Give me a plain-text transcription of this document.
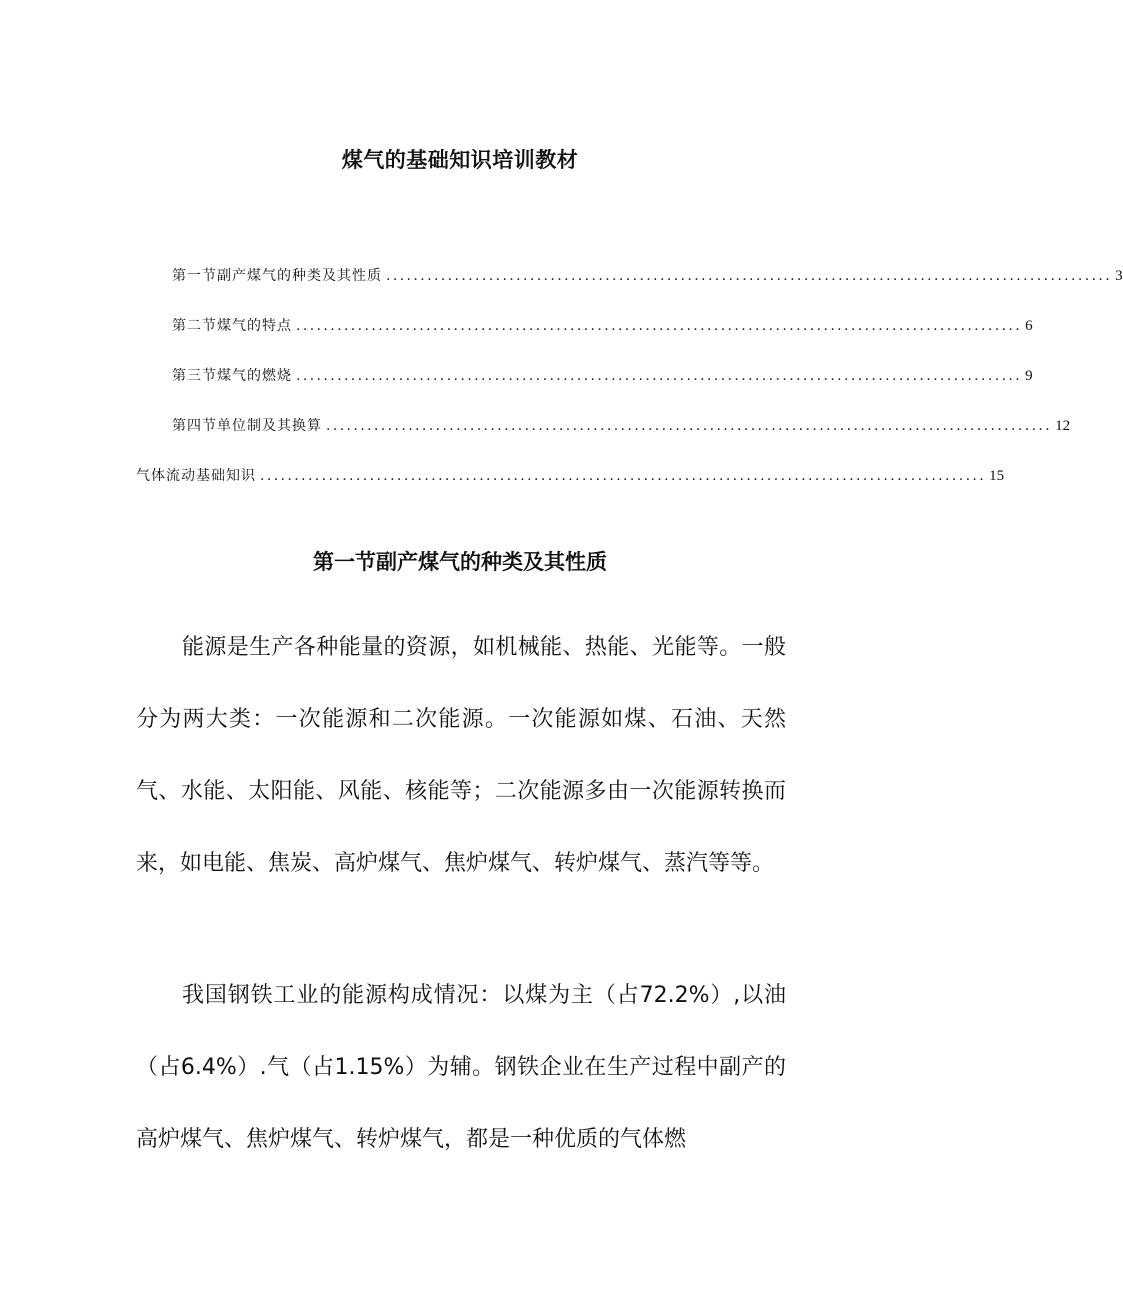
煤气的基础知识培训教材
第一节副产煤气的种类及其性质 .......................................................................................................... 3
第二节煤气的特点 .......................................................................................................... 6
第三节煤气的燃烧 .......................................................................................................... 9
第四节单位制及其换算 .......................................................................................................... 12
气体流动基础知识 .......................................................................................................... 15
第一节副产煤气的种类及其性质

能源是生产各种能量的资源，如机械能、热能、光能等。一般分为两大类：一次能源和二次能源。一次能源如煤、石油、天然气、水能、太阳能、风能、核能等；二次能源多由一次能源转换而来，如电能、焦炭、高炉煤气、焦炉煤气、转炉煤气、蒸汽等等。

我国钢铁工业的能源构成情况：以煤为主（占72.2%）,以油（占6.4%）.气（占1.15%）为辅。钢铁企业在生产过程中副产的高炉煤气、焦炉煤气、转炉煤气，都是一种优质的气体燃
